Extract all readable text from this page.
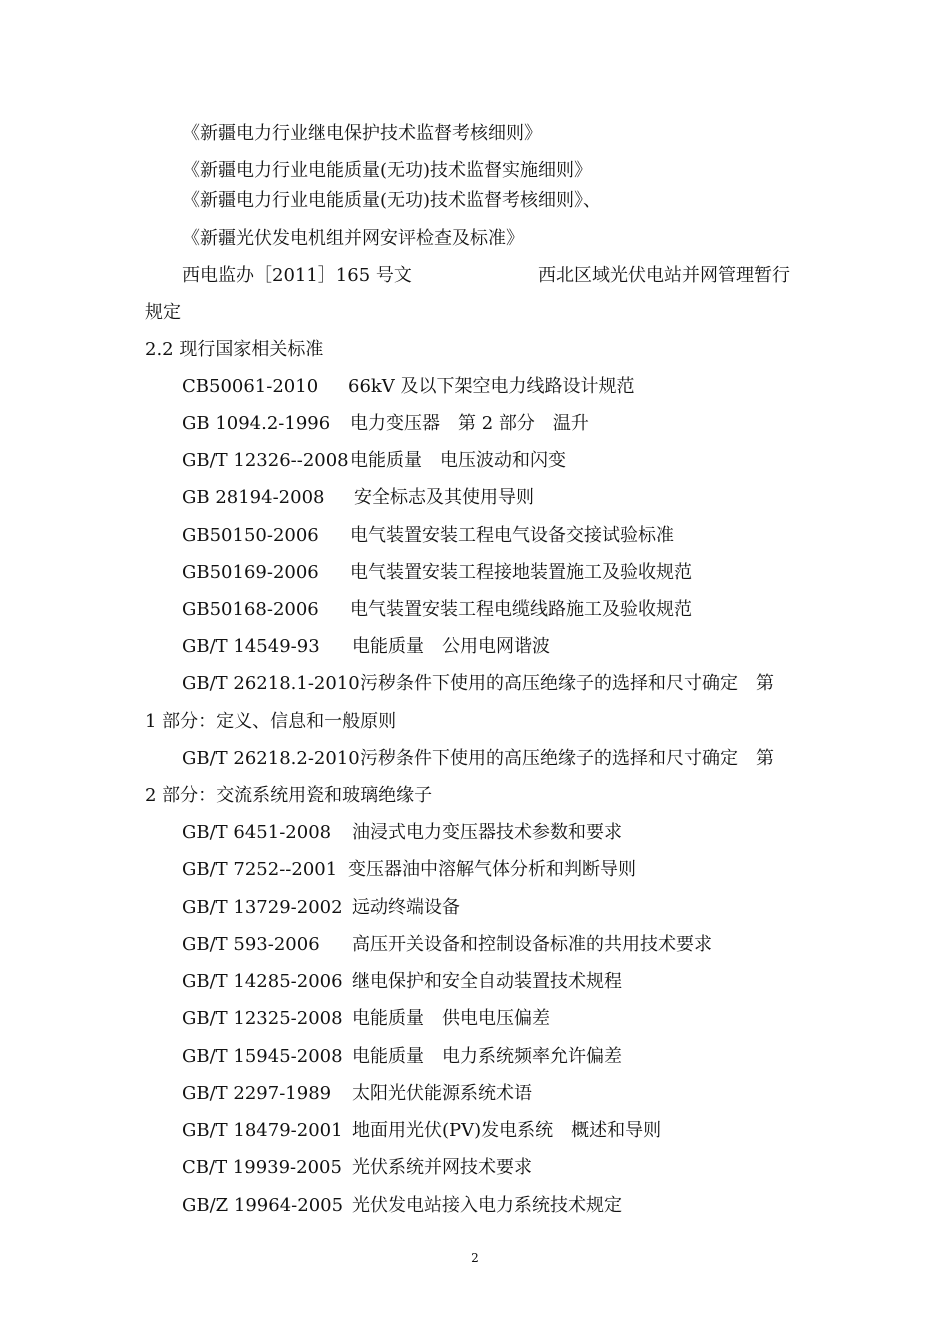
《新疆电力行业继电保护技术监督考核细则》
《新疆电力行业电能质量(无功)技术监督实施细则》
《新疆电力行业电能质量(无功)技术监督考核细则》、
《新疆光伏发电机组并网安评检查及标准》
西电监办［2011］165 号文	西北区域光伏电站并网管理暂行
规定
2.2 现行国家相关标准
CB50061-2010 66kV 及以下架空电力线路设计规范
GB 1094.2-1996 电力变压器　第 2 部分　温升
GB/T 12326--2008 电能质量　电压波动和闪变
GB 28194-2008 安全标志及其使用导则
GB50150-2006 电气装置安装工程电气设备交接试验标准
GB50169-2006 电气装置安装工程接地装置施工及验收规范
GB50168-2006 电气装置安装工程电缆线路施工及验收规范
GB/T 14549-93 电能质量　公用电网谐波
GB/T 26218.1-2010 污秽条件下使用的高压绝缘子的选择和尺寸确定　第
1 部分：定义、信息和一般原则
GB/T 26218.2-2010 污秽条件下使用的高压绝缘子的选择和尺寸确定　第
2 部分：交流系统用瓷和玻璃绝缘子
GB/T 6451-2008 油浸式电力变压器技术参数和要求
GB/T 7252--2001 变压器油中溶解气体分析和判断导则
GB/T 13729-2002 远动终端设备
GB/T 593-2006 高压开关设备和控制设备标准的共用技术要求
GB/T 14285-2006 继电保护和安全自动装置技术规程
GB/T 12325-2008 电能质量　供电电压偏差
GB/T 15945-2008 电能质量　电力系统频率允许偏差
GB/T 2297-1989 太阳光伏能源系统术语
GB/T 18479-2001 地面用光伏(PV)发电系统　概述和导则
CB/T 19939-2005 光伏系统并网技术要求
GB/Z 19964-2005 光伏发电站接入电力系统技术规定
2
